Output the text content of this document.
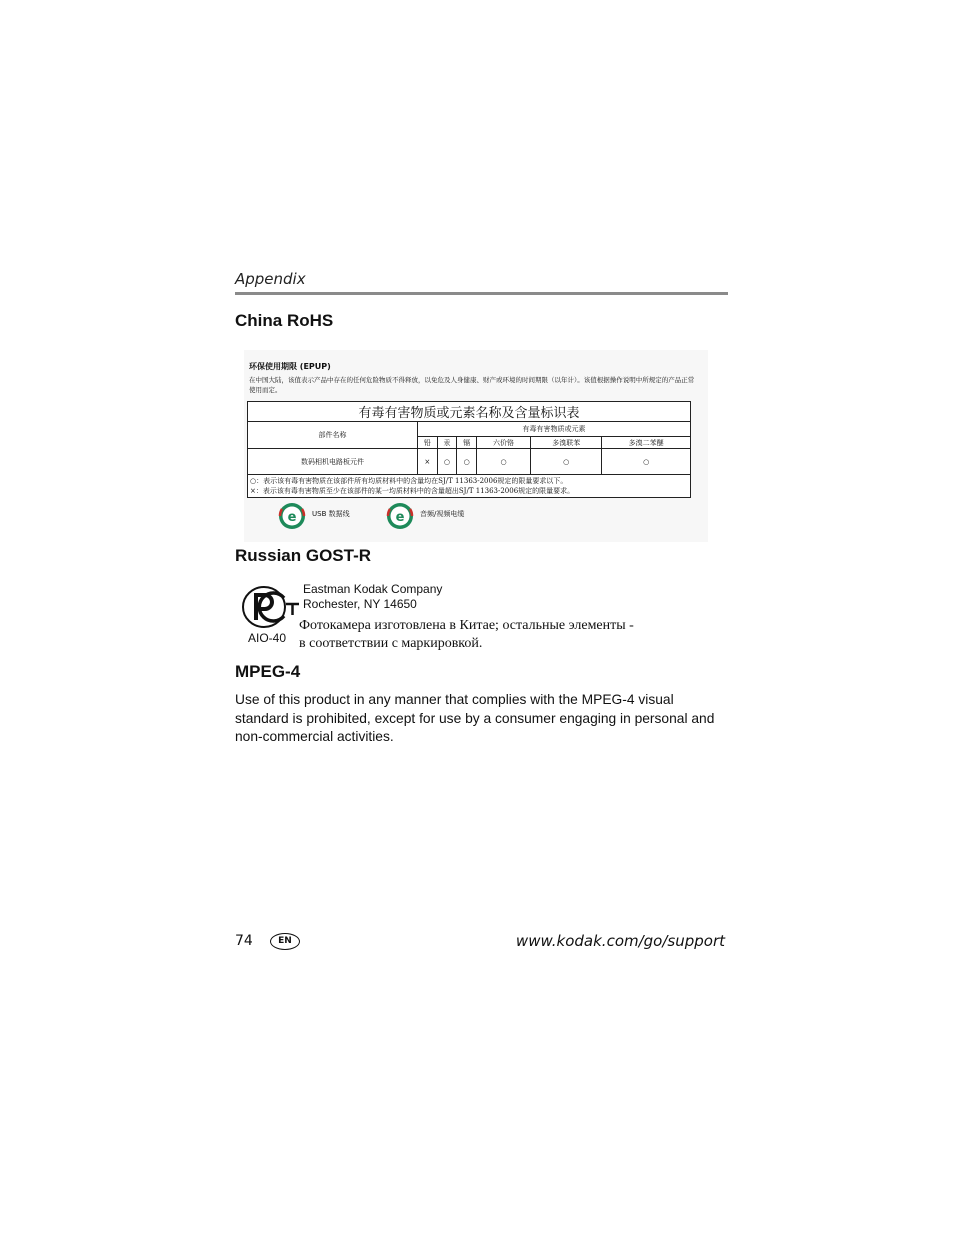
Appendix
China RoHS
环保使用期限 (EPUP)
在中国大陆，该值表示产品中存在的任何危险物质不得释放，以免危及人身健康、财产或环境的时间期限（以年计）。该值根据操作说明中所规定的产品正常使用而定。
有毒有害物质或元素名称及含量标识表						
部件名称	有毒有害物质或元素					
	铅	汞	镉	六价铬	多溴联苯	多溴二苯醚
数码相机电路板元件	×	○	○	○	○	○

○：表示该有毒有害物质在该部件所有均质材料中的含量均在SJ/T 11363-2006规定的限量要求以下。
×：表示该有毒有害物质至少在该部件的某一均质材料中的含量超出SJ/T 11363-2006规定的限量要求。						
e USB 数据线	e 音频/视频电缆
Russian GOST-R
AIO-40
Eastman Kodak Company
Rochester, NY 14650
Фотокамера изготовлена в Китае; остальные элементы -
в соответствии с маркировкой.
MPEG-4
Use of this product in any manner that complies with the MPEG-4 visual standard is prohibited, except for use by a consumer engaging in personal and non-commercial activities.
74	EN	www.kodak.com/go/support
